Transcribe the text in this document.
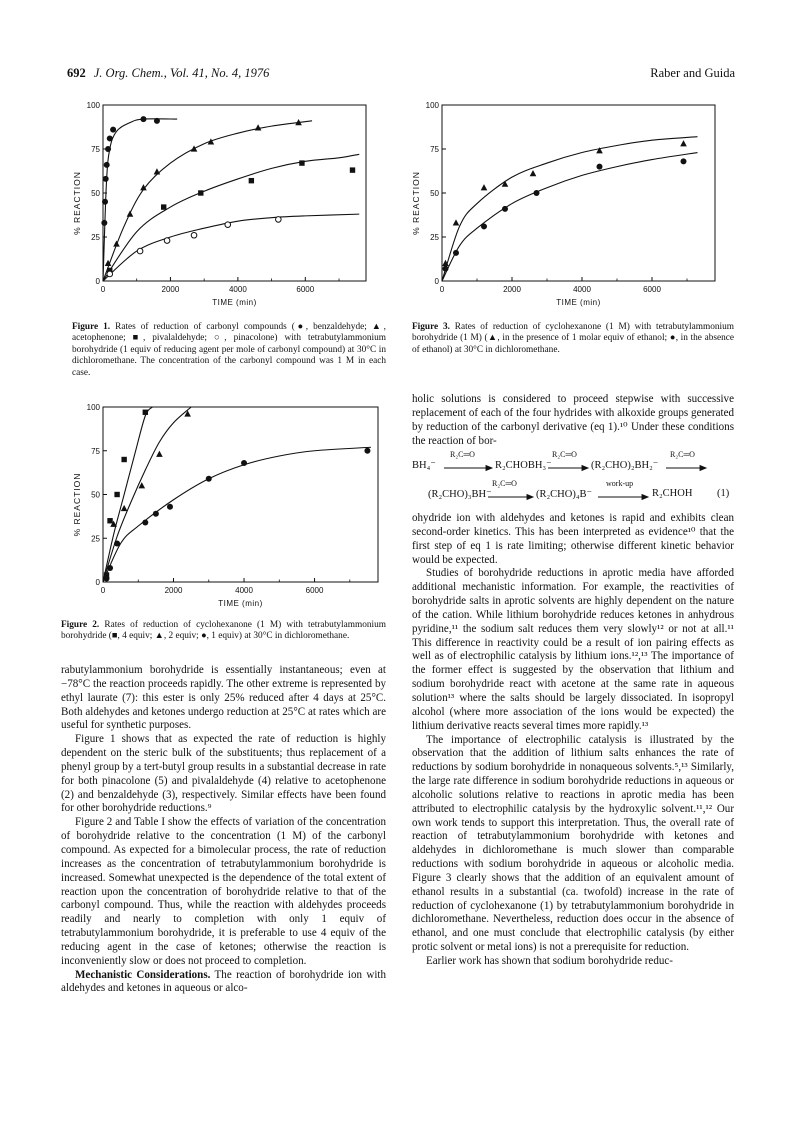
692 J. Org. Chem., Vol. 41, No. 4, 1976	Raber and Guida
0
25
50
75
100
0	2000	4000	6000
TIME (min)
% REACTION
Figure 1. Rates of reduction of carbonyl compounds (●, benzaldehyde; ▲, acetophenone; ■, pivalaldehyde; ○, pinacolone) with tetrabutylammonium borohydride (1 equiv of reducing agent per mole of carbonyl compound) at 30°C in dichloromethane. The concentration of the carbonyl compound was 1 M in each case.
0
25
50
75
100
0	2000	4000	6000
TIME (min)
% REACTION
Figure 3. Rates of reduction of cyclohexanone (1 M) with tetrabutylammonium borohydride (1 M) (▲, in the presence of 1 molar equiv of ethanol; ●, in the absence of ethanol) at 30°C in dichloromethane.
0
25
50
75
100
0	2000	4000	6000
TIME (min)
% REACTION
Figure 2. Rates of reduction of cyclohexanone (1 M) with tetrabutylammonium borohydride (■, 4 equiv; ▲, 2 equiv; ●, 1 equiv) at 30°C in dichloromethane.

rabutylammonium borohydride is essentially instantaneous; even at −78°C the reaction proceeds rapidly. The other extreme is represented by ethyl laurate (7): this ester is only 25% reduced after 4 days at 25°C. Both aldehydes and ketones undergo reduction at 25°C at rates which are useful for synthetic purposes.

Figure 1 shows that as expected the rate of reduction is highly dependent on the steric bulk of the substituents; thus replacement of a phenyl group by a tert-butyl group results in a substantial decrease in rate for both pinacolone (5) and pivalaldehyde (4) relative to acetophenone (2) and benzaldehyde (3), respectively. Similar effects have been found for other borohydride reductions.⁹

Figure 2 and Table I show the effects of variation of the concentration of borohydride relative to the concentration (1 M) of the carbonyl compound. As expected for a bimolecular process, the rate of reduction increases as the concentration of tetrabutylammonium borohydride is increased. Somewhat unexpected is the dependence of the total extent of reaction upon the concentration of borohydride relative to that of the carbonyl compound. Thus, while the reaction with aldehydes proceeds readily and nearly to completion with only 1 equiv of tetrabutylammonium borohydride, it is preferable to use 4 equiv of the reducing agent in the case of ketones; otherwise the reaction is inconveniently slow or does not proceed to completion.

Mechanistic Considerations. The reaction of borohydride ion with aldehydes and ketones in aqueous or alco-

holic solutions is considered to proceed stepwise with successive replacement of each of the four hydrides with alkoxide groups generated by reduction of the carbonyl derivative (eq 1).¹⁰ Under these conditions the reaction of bor-

BH₄⁻
R₂C═O
R₂CHOBH₃⁻
R₂C═O
(R₂CHO)₂BH₂⁻
R₂C═O
(R₂CHO)₃BH⁻
R₂C═O
(R₂CHO)₄B⁻
work-up
R₂CHOH (1)

ohydride ion with aldehydes and ketones is rapid and exhibits clean second-order kinetics. This has been interpreted as evidence¹⁰ that the first step of eq 1 is rate limiting; otherwise different kinetic behavior would be expected.

Studies of borohydride reductions in aprotic media have afforded additional mechanistic information. For example, the reactivities of borohydride salts in aprotic solvents are highly dependent on the nature of the cation. While lithium borohydride reduces ketones in anhydrous pyridine,¹¹ the sodium salt reduces them very slowly¹² or not at all.¹¹ This difference in reactivity could be a result of ion pairing effects as well as of electrophilic catalysis by lithium ions.¹²,¹³ The importance of the former effect is suggested by the observation that lithium and sodium borohydride react with acetone at the same rate in aqueous solution¹³ where the salts should be largely dissociated. In isopropyl alcohol (where more association of the ions would be expected) the lithium derivative reacts several times more rapidly.¹³

The importance of electrophilic catalysis is illustrated by the observation that the addition of lithium salts enhances the rate of reductions by sodium borohydride in nonaqueous solvents.⁵,¹³ Similarly, the large rate difference in sodium borohydride reductions in aqueous or alcoholic solutions relative to reactions in aprotic media has been attributed to electrophilic catalysis by the hydroxylic solvent.¹¹,¹² Our own work tends to support this interpretation. Thus, the overall rate of reaction of tetrabutylammonium borohydride with ketones and aldehydes in dichloromethane is much slower than comparable reductions with sodium borohydride in aqueous or alcoholic media. Figure 3 clearly shows that the addition of an equivalent amount of ethanol results in a substantial (ca. twofold) increase in the rate of reduction of cyclohexanone (1) by tetrabutylammonium borohydride in dichloromethane. Nevertheless, reduction does occur in the absence of ethanol, and one must conclude that electrophilic catalysis (by either protic solvent or metal ions) is not a prerequisite for reduction.

Earlier work has shown that sodium borohydride reduc-
